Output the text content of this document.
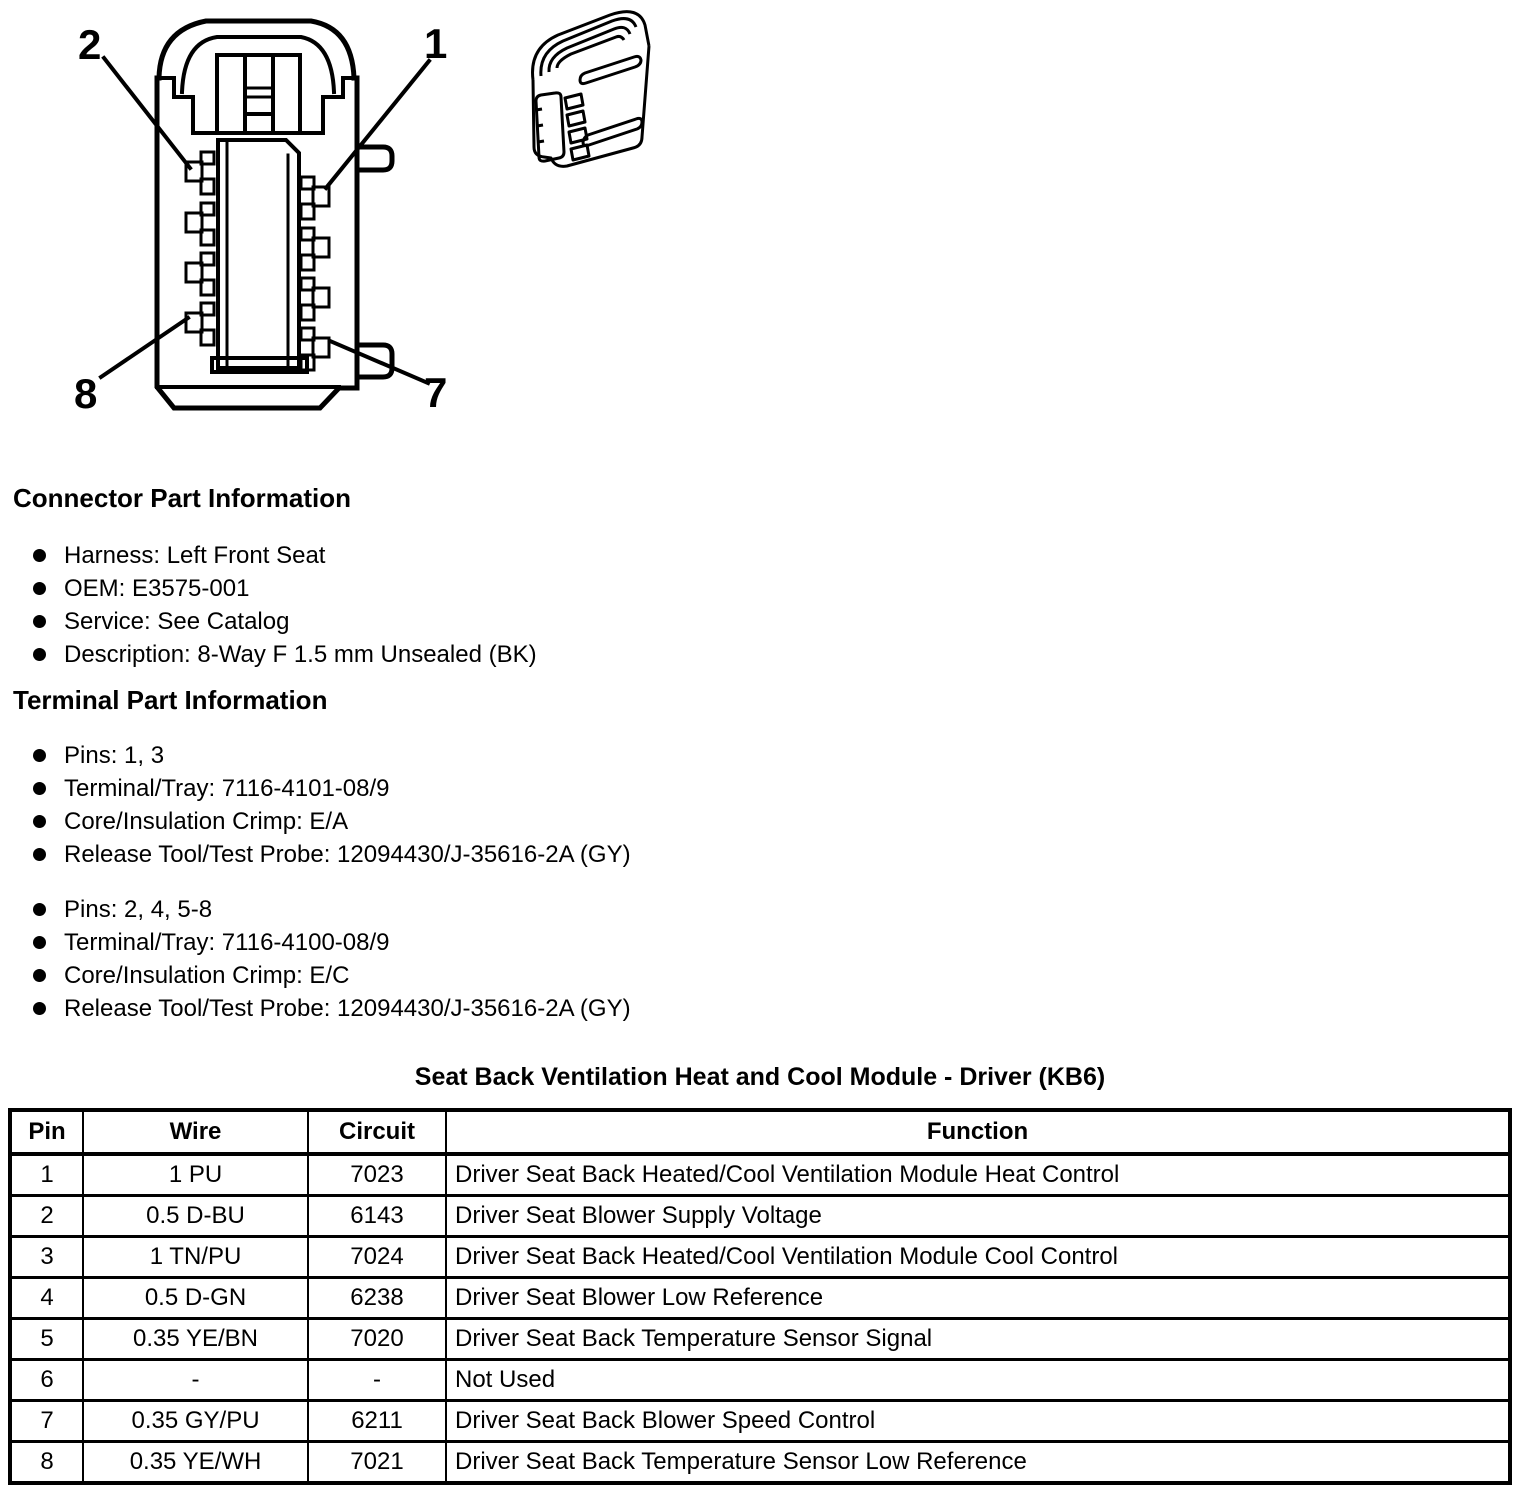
2	1
8	7
Connector Part Information
Harness: Left Front Seat
OEM: E3575-001
Service: See Catalog
Description: 8-Way F 1.5 mm Unsealed (BK)
Terminal Part Information
Pins: 1, 3
Terminal/Tray: 7116-4101-08/9
Core/Insulation Crimp: E/A
Release Tool/Test Probe: 12094430/J-35616-2A (GY)
Pins: 2, 4, 5-8
Terminal/Tray: 7116-4100-08/9
Core/Insulation Crimp: E/C
Release Tool/Test Probe: 12094430/J-35616-2A (GY)
Seat Back Ventilation Heat and Cool Module - Driver (KB6)
Pin	Wire	Circuit	Function
1	1 PU	7023	Driver Seat Back Heated/Cool Ventilation Module Heat Control
2	0.5 D-BU	6143	Driver Seat Blower Supply Voltage
3	1 TN/PU	7024	Driver Seat Back Heated/Cool Ventilation Module Cool Control
4	0.5 D-GN	6238	Driver Seat Blower Low Reference
5	0.35 YE/BN	7020	Driver Seat Back Temperature Sensor Signal
6	-	-	Not Used
7	0.35 GY/PU	6211	Driver Seat Back Blower Speed Control
8	0.35 YE/WH	7021	Driver Seat Back Temperature Sensor Low Reference
